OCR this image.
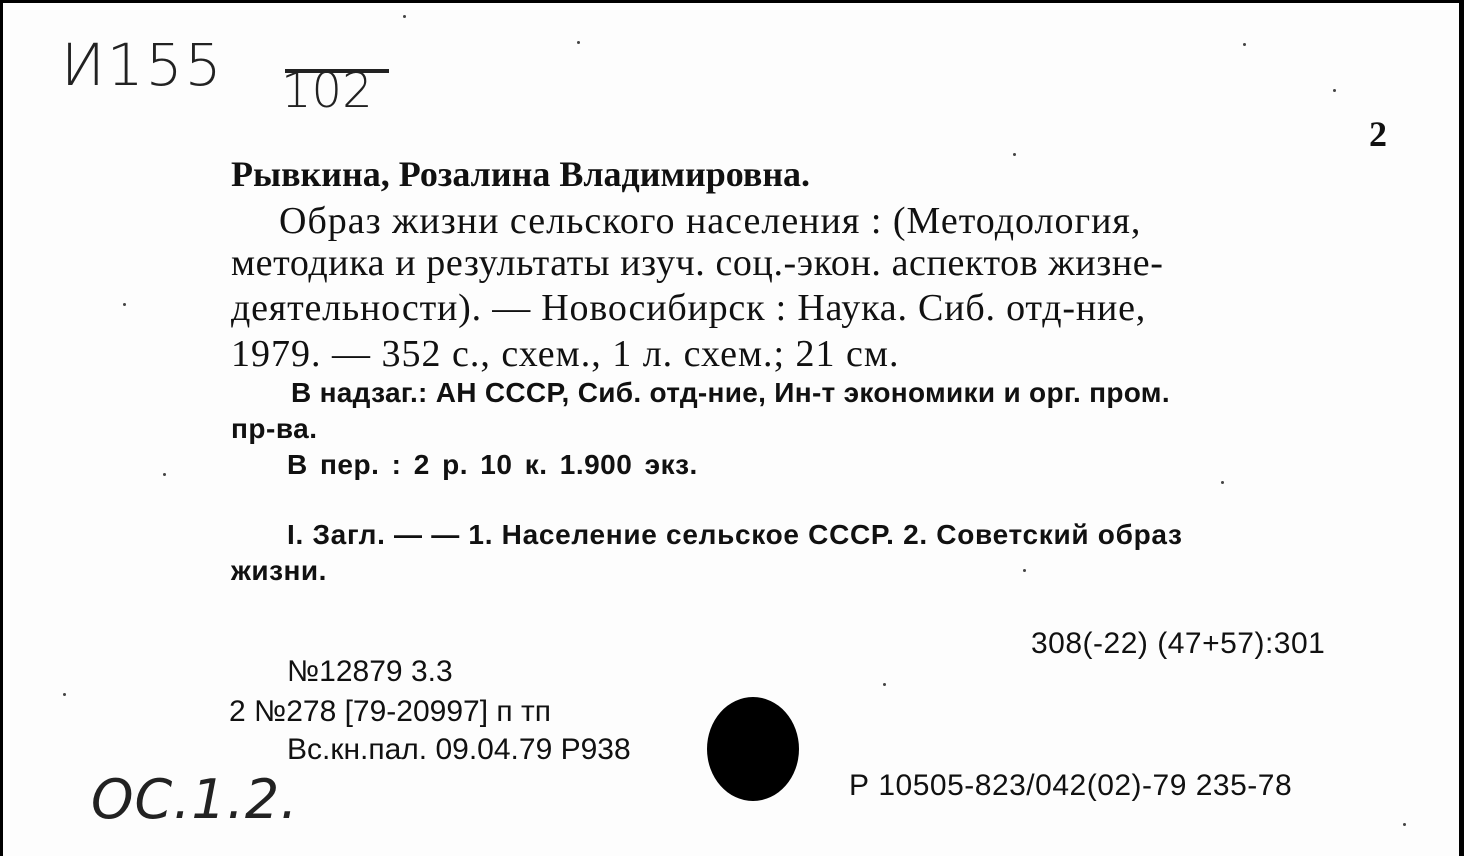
И155 102
2
Рывкина, Розалина Владимировна.
Образ жизни сельского населения : (Методология,
методика и результаты изуч. соц.-экон. аспектов жизне-
деятельности). — Новосибирск : Наука. Сиб. отд-ние,
1979. — 352 с., схем., 1 л. схем.; 21 см.
В надзаг.: АН СССР, Сиб. отд-ние, Ин-т экономики и орг. пром.
пр-ва.
В пер. : 2 р. 10 к. 1.900 экз.
I. Загл. — — 1. Население сельское СССР. 2. Советский образ
жизни.
308(-22) (47+57):301
№12879 3.3
2 №278 [79-20997] п тп
Вс.кн.пал. 09.04.79 Р938
Р 10505-823/042(02)-79 235-78
ОС.1.2.
